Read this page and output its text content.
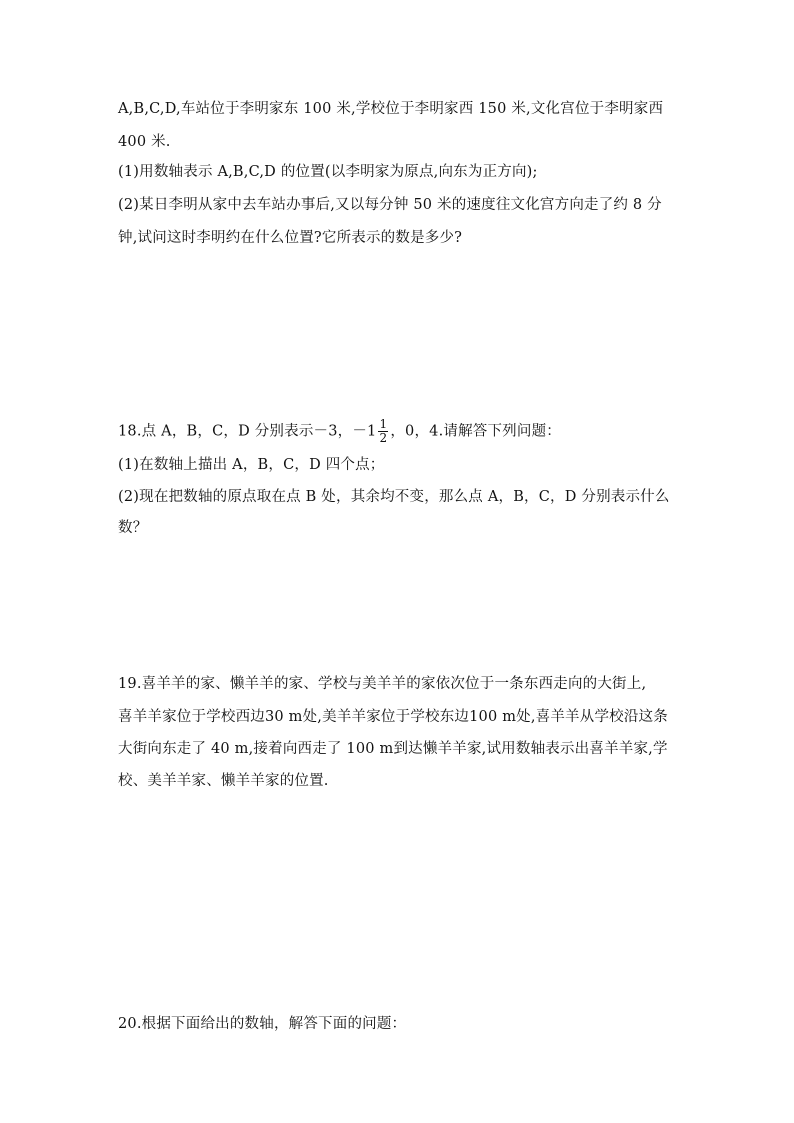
A,B,C,D,车站位于李明家东 100 米,学校位于李明家西 150 米,文化宫位于李明家西
400 米.
(1)用数轴表示 A,B,C,D 的位置(以李明家为原点,向东为正方向);
(2)某日李明从家中去车站办事后,又以每分钟 50 米的速度往文化宫方向走了约 8 分
钟,试问这时李明约在什么位置?它所表示的数是多少?
18.点 A，B，C，D 分别表示－3，$-1 \frac{1}{2}$ ，0，4.请解答下列问题：
(1)在数轴上描出 A，B，C，D 四个点；
(2)现在把数轴的原点取在点 B 处，其余均不变，那么点 A，B，C，D 分别表示什么
数？
19.喜羊羊的家、懒羊羊的家、学校与美羊羊的家依次位于一条东西走向的大街上,
喜羊羊家位于学校西边30 m处,美羊羊家位于学校东边100 m处,喜羊羊从学校沿这条
大街向东走了 40 m,接着向西走了 100 m到达懒羊羊家,试用数轴表示出喜羊羊家,学
校、美羊羊家、懒羊羊家的位置.
20.根据下面给出的数轴，解答下面的问题：
